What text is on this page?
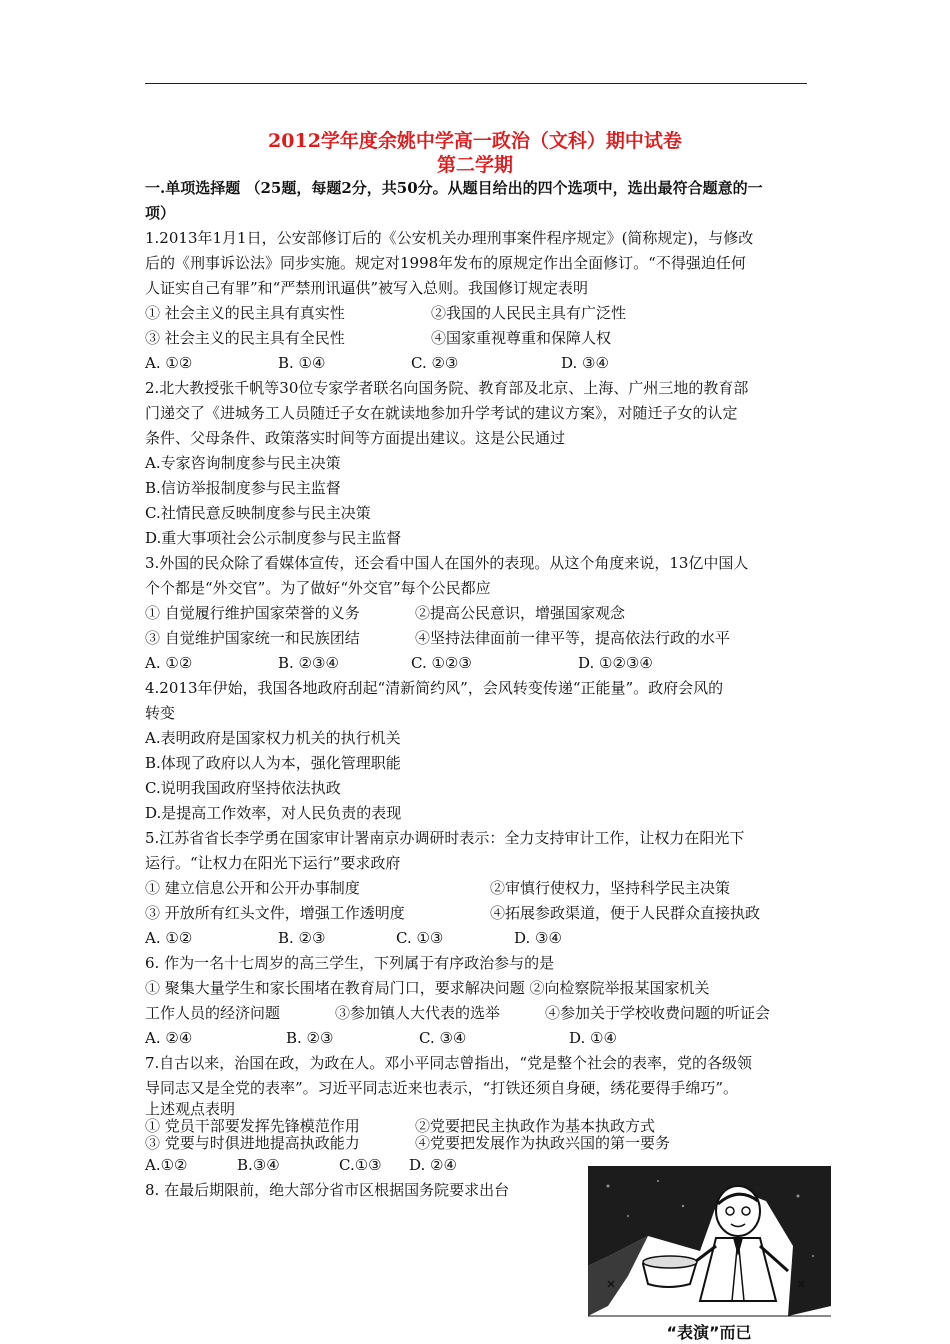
2012学年度余姚中学高一政治（文科）期中试卷
第二学期

一.单项选择题 （25题，每题2分，共50分。从题目给出的四个选项中，选出最符合题意的一

项）

1.2013年1月1日，公安部修订后的《公安机关办理刑事案件程序规定》(简称规定)，与修改

后的《刑事诉讼法》同步实施。规定对1998年发布的原规定作出全面修订。“不得强迫任何

人证实自己有罪”和“严禁刑讯逼供”被写入总则。我国修订规定表明

① 社会主义的民主具有真实性	②我国的人民民主具有广泛性
③ 社会主义的民主具有全民性	④国家重视尊重和保障人权
A. ①②	B. ①④	C. ②③	D. ③④

2.北大教授张千帆等30位专家学者联名向国务院、教育部及北京、上海、广州三地的教育部

门递交了《进城务工人员随迁子女在就读地参加升学考试的建议方案》，对随迁子女的认定

条件、父母条件、政策落实时间等方面提出建议。这是公民通过

A.专家咨询制度参与民主决策

B.信访举报制度参与民主监督

C.社情民意反映制度参与民主决策

D.重大事项社会公示制度参与民主监督

3.外国的民众除了看媒体宣传，还会看中国人在国外的表现。从这个角度来说，13亿中国人

个个都是“外交官”。为了做好“外交官”每个公民都应

① 自觉履行维护国家荣誉的义务	②提高公民意识，增强国家观念
③ 自觉维护国家统一和民族团结	④坚持法律面前一律平等，提高依法行政的水平
A. ①②	B. ②③④	C. ①②③	D. ①②③④

4.2013年伊始，我国各地政府刮起“清新简约风”，会风转变传递“正能量”。政府会风的

转变

A.表明政府是国家权力机关的执行机关

B.体现了政府以人为本，强化管理职能

C.说明我国政府坚持依法执政

D.是提高工作效率，对人民负责的表现

5.江苏省省长李学勇在国家审计署南京办调研时表示：全力支持审计工作，让权力在阳光下

运行。“让权力在阳光下运行”要求政府

① 建立信息公开和公开办事制度	②审慎行使权力，坚持科学民主决策
③ 开放所有红头文件，增强工作透明度	④拓展参政渠道，便于人民群众直接执政
A. ①②	B. ②③	C. ①③	D. ③④

6. 作为一名十七周岁的高三学生，下列属于有序政治参与的是

① 聚集大量学生和家长围堵在教育局门口，要求解决问题 ②向检察院举报某国家机关

工作人员的经济问题	③参加镇人大代表的选举	④参加关于学校收费问题的听证会
A. ②④	B. ②③	C. ③④	D. ①④

7.自古以来，治国在政，为政在人。邓小平同志曾指出，“党是整个社会的表率，党的各级领

导同志又是全党的表率”。习近平同志近来也表示，“打铁还须自身硬，绣花要得手绵巧”。

上述观点表明

① 党员干部要发挥先锋模范作用	②党要把民主执政作为基本执政方式
③ 党要与时俱进地提高执政能力	④党要把发展作为执政兴国的第一要务
A.①②	B.③④	C.①③	D. ②④

8. 在最后期限前，绝大部分省市区根据国务院要求出台

“表演”而已
